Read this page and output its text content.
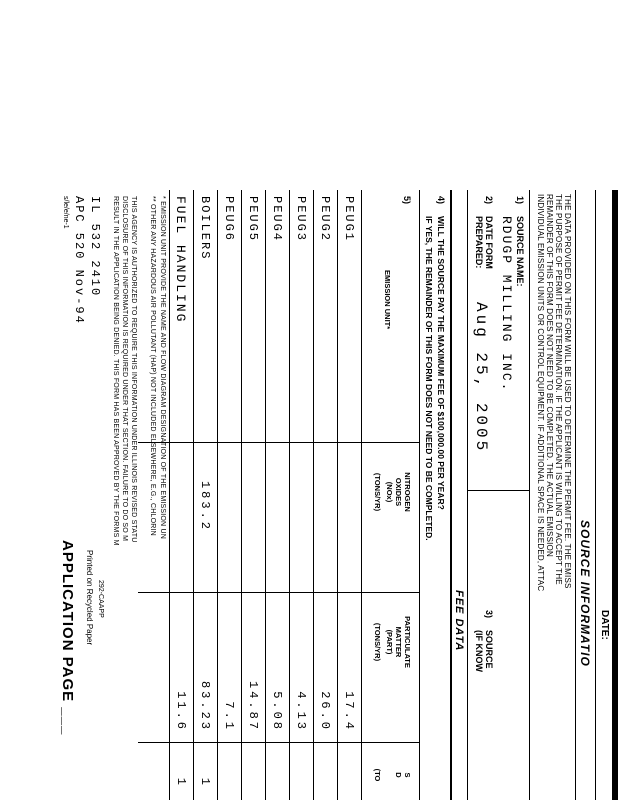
DATE:
SOURCE INFORMATIO
THE DATA PROVIDED ON THIS FORM WILL BE USED TO DETERMINE THE PERMIT FEE. THE EMISS
THE PURPOSE OF PERMIT FEE DETERMINATION. IF THE APPLICANT IS WILLING TO ACCEPT THE
REMAINDER OF THIS FORM DOES NOT NEED TO BE COMPLETED. THE ACTUAL EMISSION
INDIVIDUAL EMISSION UNITS OR CONTROL EQUIPMENT. IF ADDITIONAL SPACE IS NEEDED, ATTAC
1)
SOURCE NAME:
RDUGP MILLING INC.
2)
DATE FORM
PREPARED:
Aug 25, 2005
3)
SOURCE
(IF KNOW
FEE DATA
4)
WILL THE SOURCE PAY THE MAXIMUM FEE OF $100,000.00 PER YEAR?
IF YES, THE REMAINDER OF THIS FORM DOES NOT NEED TO BE COMPLETED.
5)
EMISSION UNIT*
NITROGEN
OXIDES
(NOx)
(TONS/YR)
PARTICULATE
MATTER
(PART)
(TONS/YR)
S
D
(TO
PEUG1
17.4
PEUG2
26.0
PEUG3
4.13
PEUG4
5.08
PEUG5
14.87
PEUG6
7.1
BOILERS
183.2
83.23
1
FUEL HANDLING
11.6
1
* EMISSION UNIT PROVIDE THE NAME AND FLOW DIAGRAM DESIGNATION OF THE EMISSION UN
** OTHER ANY HAZARDOUS AIR POLLUTANT (HAP) NOT INCLUDED ELSEWHERE, E.G., CHLORIN
THIS AGENCY IS AUTHORIZED TO REQUIRE THIS INFORMATION UNDER ILLINOIS REVISED STATU
DISCLOSURE OF THIS INFORMATION IS REQUIRED UNDER THAT SECTION. FAILURE TO DO SO M
RESULT IN THE APPLICATION BEING DENIED. THIS FORM HAS BEEN APPROVED BY THE FORMS M
IL 532 2410
APC 520 Nov-94
s/le/e/ne-1
APPLICATION PAGE ___ Printed on Recycled Paper 292-CAAPP
